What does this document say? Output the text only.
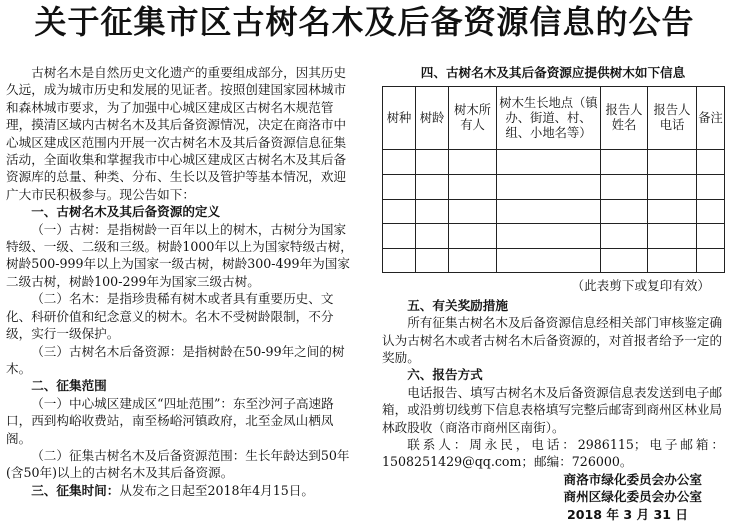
关于征集市区古树名木及后备资源信息的公告

古树名木是自然历史文化遗产的重要组成部分，因其历史久远，成为城市历史和发展的见证者。按照创建国家园林城市和森林城市要求，为了加强中心城区建成区古树名木规范管理，摸清区域内古树名木及其后备资源情况，决定在商洛市中心城区建成区范围内开展一次古树名木及其后备资源信息征集活动，全面收集和掌握我市中心城区建成区古树名木及其后备资源库的总量、种类、分布、生长以及管护等基本情况，欢迎广大市民积极参与。现公告如下：

一、古树名木及其后备资源的定义

（一）古树：是指树龄一百年以上的树木，古树分为国家特级、一级、二级和三级。树龄1000年以上为国家特级古树，树龄500-999年以上为国家一级古树，树龄300-499年为国家二级古树，树龄100-299年为国家三级古树。

（二）名木：是指珍贵稀有树木或者具有重要历史、文化、科研价值和纪念意义的树木。名木不受树龄限制，不分级，实行一级保护。

（三）古树名木后备资源：是指树龄在50-99年之间的树木。

二、征集范围

（一）中心城区建成区“四址范围”：东至沙河子高速路口，西到构峪收费站，南至杨峪河镇政府，北至金凤山栖凤阁。

（二）征集古树名木及后备资源范围：生长年龄达到50年(含50年)以上的古树名木及其后备资源。

三、征集时间：从发布之日起至2018年4月15日。

四、古树名木及其后备资源应提供树木如下信息

树种	树龄	树木所有人	树木生长地点（镇办、街道、村、组、小地名等）	报告人姓名	报告人电话	备注

（此表剪下或复印有效）

五、有关奖励措施

所有征集古树名木及后备资源信息经相关部门审核鉴定确认为古树名木或者古树名木后备资源的，对首报者给予一定的奖励。

六、报告方式

电话报告、填写古树名木及后备资源信息表发送到电子邮箱，或沿剪切线剪下信息表格填写完整后邮寄到商州区林业局林政股收（商洛市商州区南街）。

联系人：周永民，电话：2986115；电子邮箱：1508251429@qq.com；邮编：726000。

商洛市绿化委员会办公室

商州区绿化委员会办公室

2018 年 3 月 31 日
